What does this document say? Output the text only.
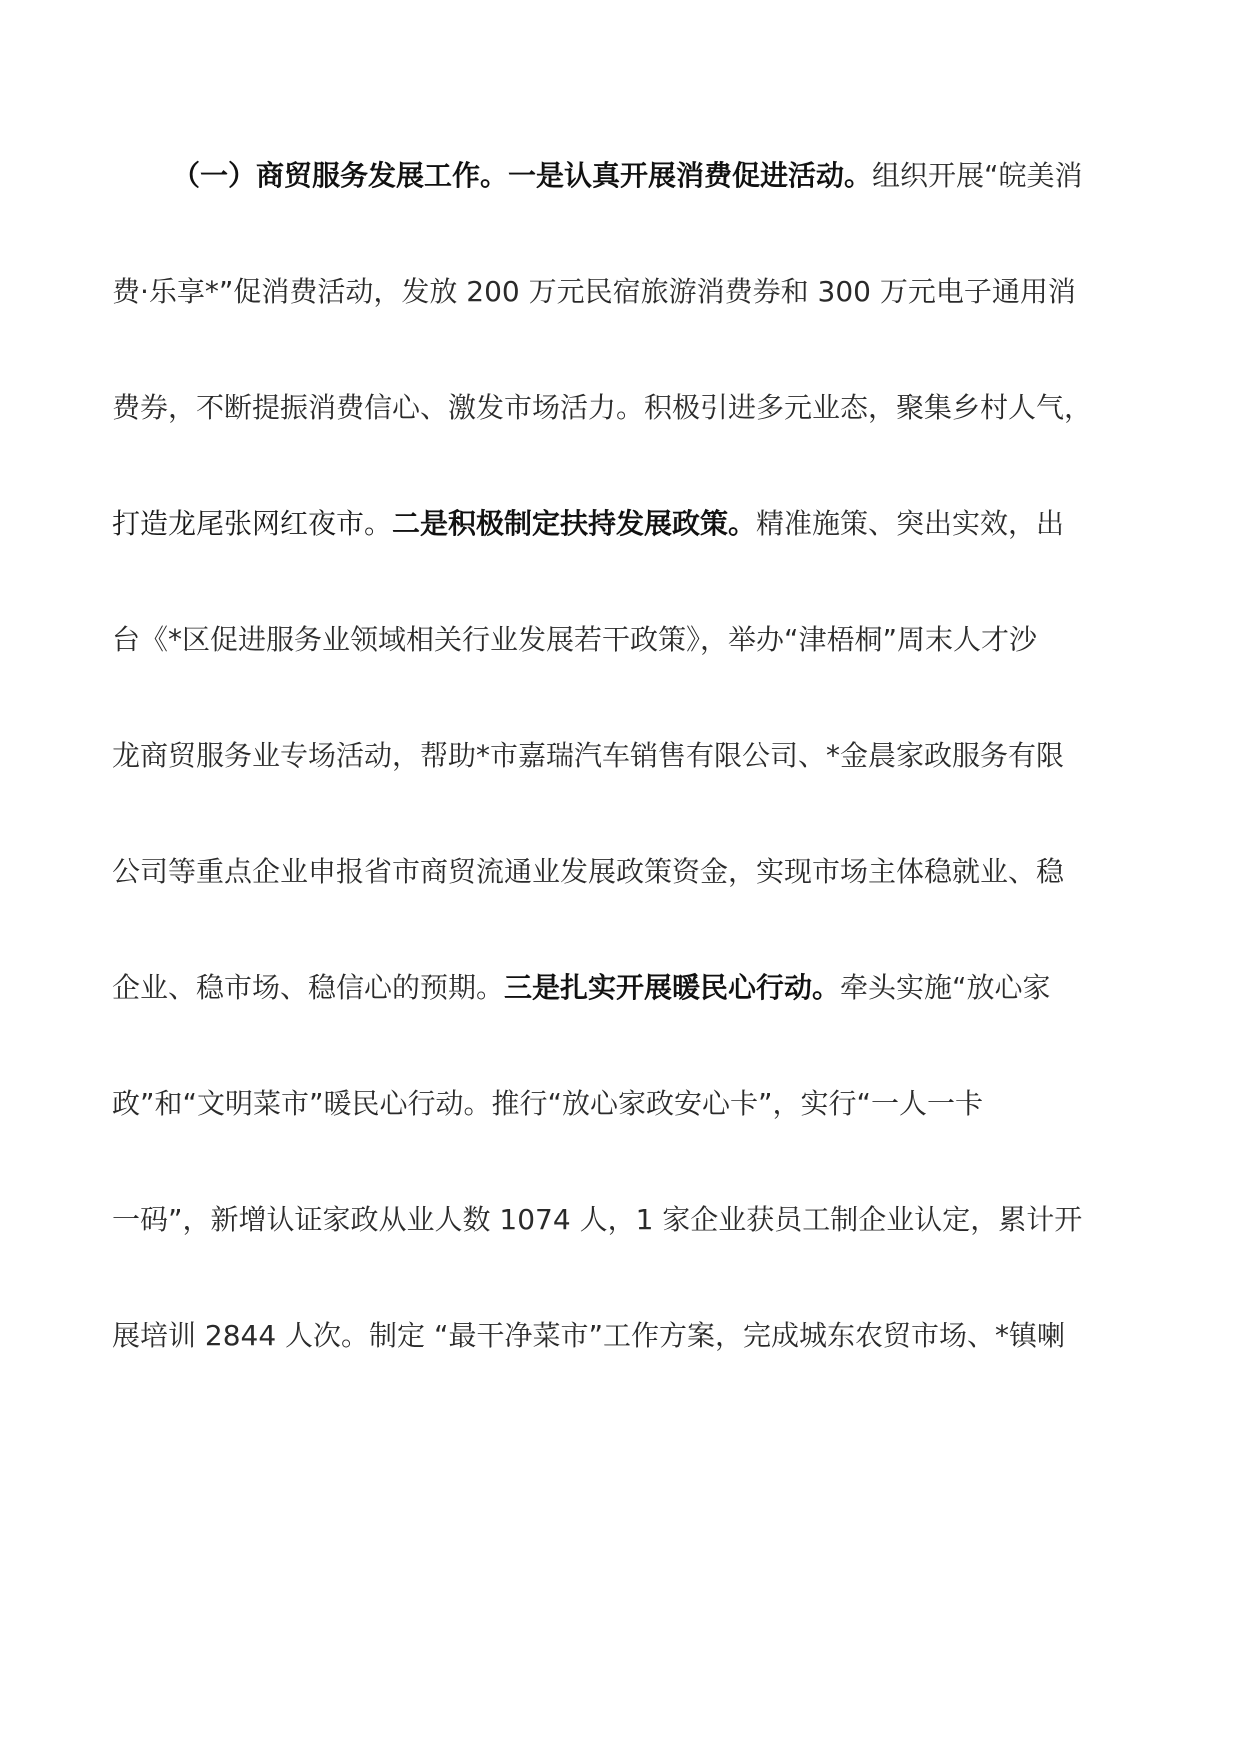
（一）商贸服务发展工作。一是认真开展消费促进活动。组织开展“皖美消
费·乐享*”促消费活动，发放 200 万元民宿旅游消费券和 300 万元电子通用消
费券，不断提振消费信心、激发市场活力。积极引进多元业态，聚集乡村人气，
打造龙尾张网红夜市。二是积极制定扶持发展政策。精准施策、突出实效，出
台《*区促进服务业领域相关行业发展若干政策》，举办“津梧桐”周末人才沙
龙商贸服务业专场活动，帮助*市嘉瑞汽车销售有限公司、*金晨家政服务有限
公司等重点企业申报省市商贸流通业发展政策资金，实现市场主体稳就业、稳
企业、稳市场、稳信心的预期。三是扎实开展暖民心行动。牵头实施“放心家
政”和“文明菜市”暖民心行动。推行“放心家政安心卡”，实行“一人一卡
一码”，新增认证家政从业人数 1074 人，1 家企业获员工制企业认定，累计开
展培训 2844 人次。制定 “最干净菜市”工作方案，完成城东农贸市场、*镇喇
